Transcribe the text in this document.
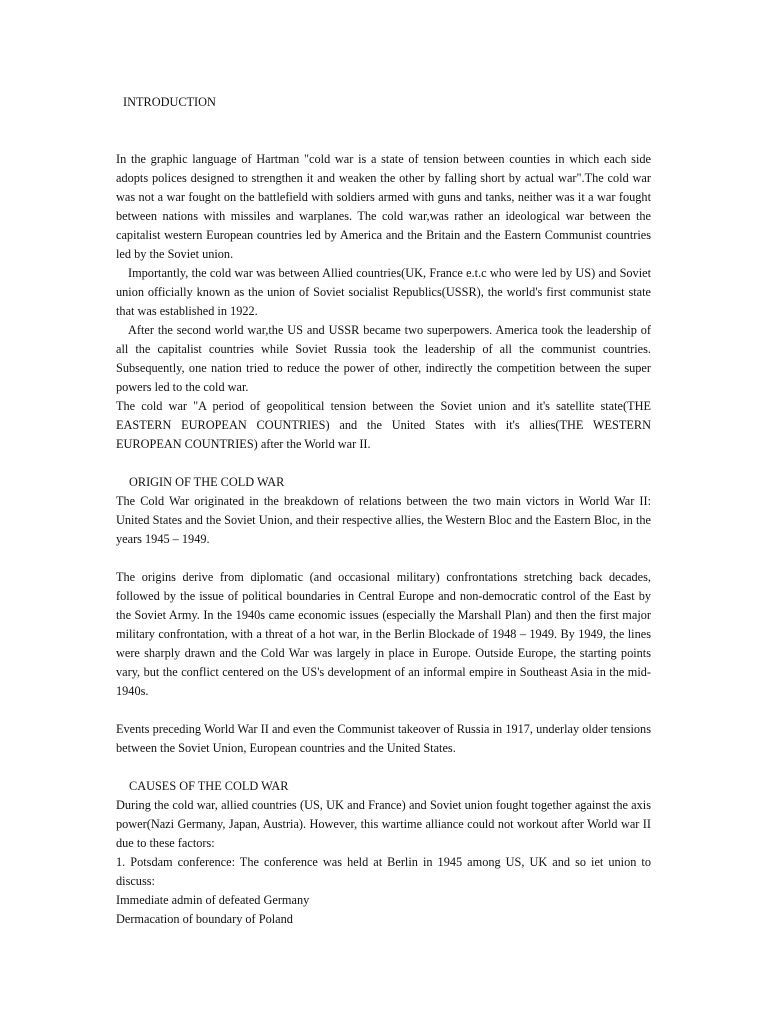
INTRODUCTION

In the graphic language of Hartman "cold war is a state of tension between counties in which each side adopts polices designed to strengthen it and weaken the other by falling short by actual war".The cold war was not a war fought on the battlefield with soldiers armed with guns and tanks, neither was it a war fought between nations with missiles and warplanes. The cold war,was rather an ideological war between the capitalist western European countries led by America and the Britain and the Eastern Communist countries led by the Soviet union.

Importantly, the cold war was between Allied countries(UK, France e.t.c who were led by US) and Soviet union officially known as the union of Soviet socialist Republics(USSR), the world's first communist state that was established in 1922.

After the second world war,the US and USSR became two superpowers. America took the leadership of all the capitalist countries while Soviet Russia took the leadership of all the communist countries. Subsequently, one nation tried to reduce the power of other, indirectly the competition between the super powers led to the cold war.

The cold war "A period of geopolitical tension between the Soviet union and it's satellite state(THE EASTERN EUROPEAN COUNTRIES) and the United States with it's allies(THE WESTERN EUROPEAN COUNTRIES) after the World war II.

ORIGIN OF THE COLD WAR

The Cold War originated in the breakdown of relations between the two main victors in World War II: United States and the Soviet Union, and their respective allies, the Western Bloc and the Eastern Bloc, in the years 1945 – 1949.

The origins derive from diplomatic (and occasional military) confrontations stretching back decades, followed by the issue of political boundaries in Central Europe and non-democratic control of the East by the Soviet Army. In the 1940s came economic issues (especially the Marshall Plan) and then the first major military confrontation, with a threat of a hot war, in the Berlin Blockade of 1948 – 1949. By 1949, the lines were sharply drawn and the Cold War was largely in place in Europe. Outside Europe, the starting points vary, but the conflict centered on the US's development of an informal empire in Southeast Asia in the mid-1940s.

Events preceding World War II and even the Communist takeover of Russia in 1917, underlay older tensions between the Soviet Union, European countries and the United States.

CAUSES OF THE COLD WAR

During the cold war, allied countries (US, UK and France) and Soviet union fought together against the axis power(Nazi Germany, Japan, Austria). However, this wartime alliance could not workout after World war II due to these factors:

1. Potsdam conference: The conference was held at Berlin in 1945 among US, UK and so iet union to discuss:

Immediate admin of defeated Germany
Dermacation of boundary of Poland
